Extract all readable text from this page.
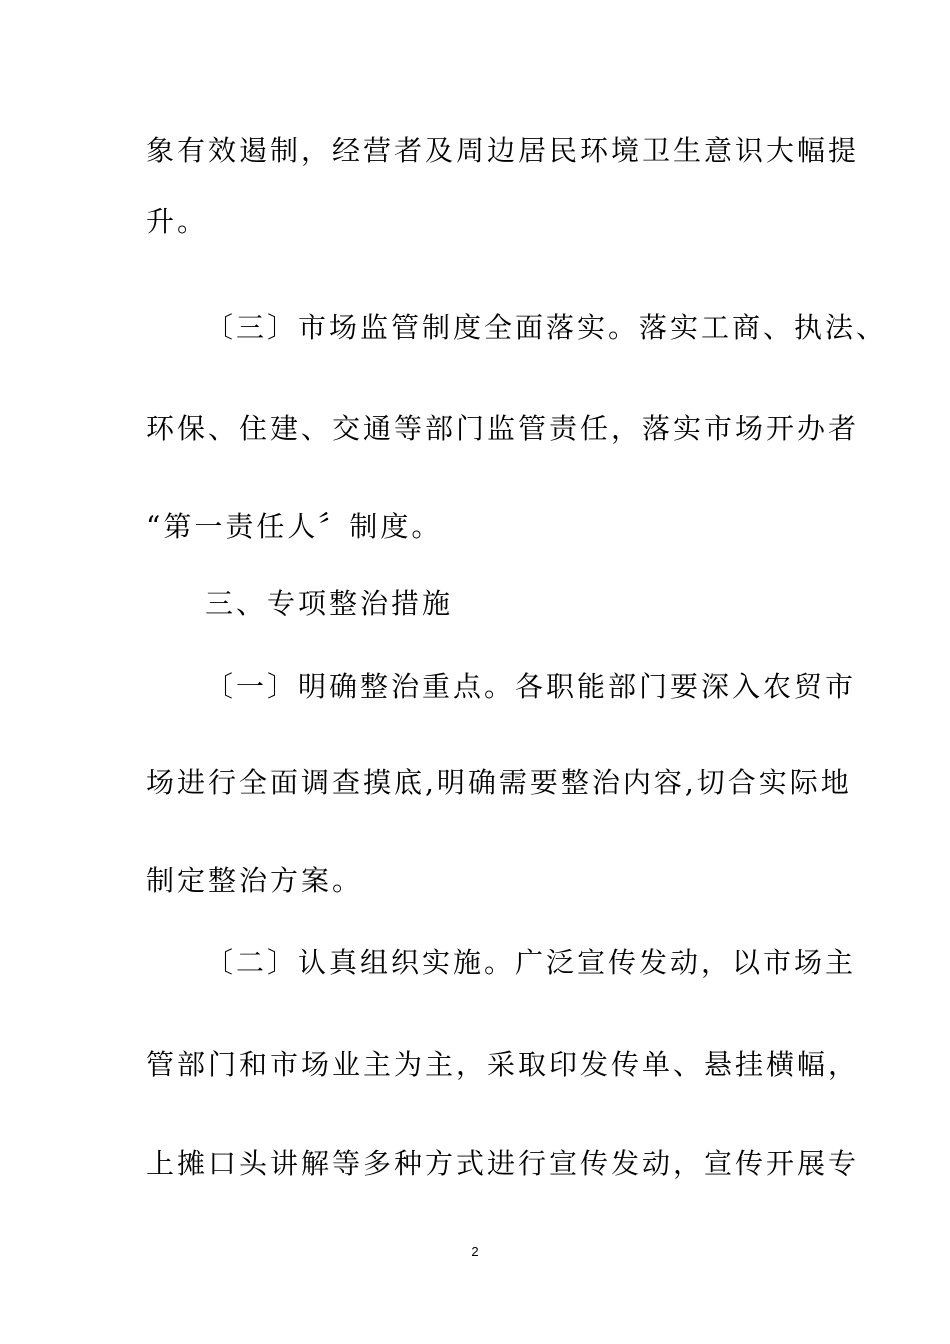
象有效遏制，经营者及周边居民环境卫生意识大幅提
升。
〔三〕市场监管制度全面落实。落实工商、执法、
环保、住建、交通等部门监管责任，落实市场开办者
“第一责任人〞制度。
三、专项整治措施
〔一〕明确整治重点。各职能部门要深入农贸市
场进行全面调查摸底,明确需要整治内容,切合实际地
制定整治方案。
〔二〕认真组织实施。广泛宣传发动，以市场主
管部门和市场业主为主，采取印发传单、悬挂横幅，
上摊口头讲解等多种方式进行宣传发动，宣传开展专
2
